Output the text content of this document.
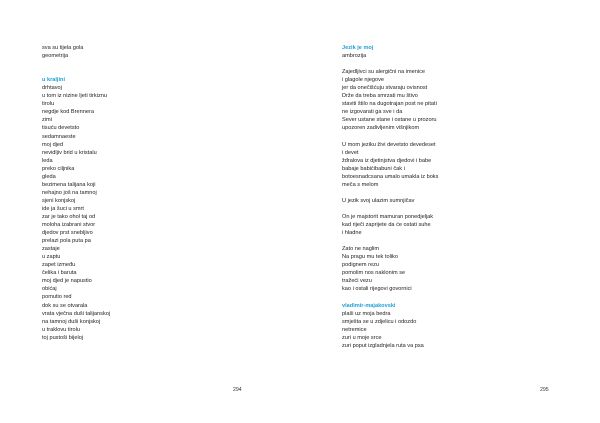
sva su tijela gola
geometrija
u kraljini
drhtavoj
u tom iz nizine ljeti tirkiznu
tirolu
negdje kod Brennera
zimi
tisuću devetsto
sedamnaeste
moj djed
nevidljiv brid u kristalu
leda
preko ciljnika
gleda
bezimena talijana koji
nehajno još na tamnoj
sjeni konjskoj
ide ja šuci u smrt
zar je tako ohol taj od
moloha izabrani stvor
djedov prst snebljivo
prelazi pola puta pa
zastaje
u zaptu
zapet između
čelika i baruta
moj djed je napustio
obićaj
pomutio red
dok su se otvarala
vrata vječna duši talijanskoj
na tamnoj duši konjskoj
u traklovu tirolu
toj pustoši bijeloj
294
Jezik je moj
ambrozija
Zajedljivci su alergični na imenice
i glagole njegove
jer da onečišćuju stvaraju ovisnost
Drže da treba smrzati mu štivo
staviti štilo na dugotrajan post ne pitati
ne izgovarati ga sve i da
Sever ustane stane i ostane u prozoru
upozoren zadivljenim višnjikom
U mom jeziku živi devetsto devedeset
i devet
žđralova iz djetinjstva djedovi i babe
babaje babićibabuni čak i
botoesnadcsana umalo umakla iz boks
meča s melom
U jezik svoj ulazim sumnjičav
On je majstorit mamuran ponedjeljak
kad riječi zaprijete da će ostati suhe
i hladne
Zato ne naglim
Na pragu mu tek toliko
podignem rezu
pomolim nos naklonim se
tražeći vezu
kao i ostali rijegovi govornici
vladimir-majakovski
plaši uz moja bedra
smješta se u zdjelicu i odozdo
netremice
zuri u moje srce
zuri poput izgladnjela ruta va psa
295
